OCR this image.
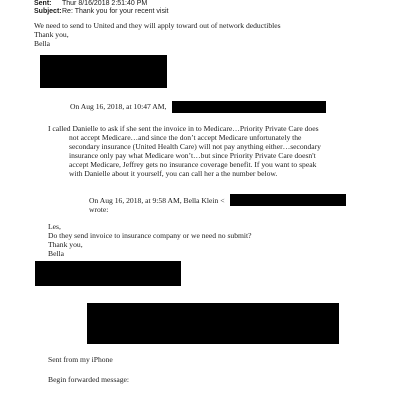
Sent: Thur 8/16/2018 2:51:40 PM
Subject:Re: Thank you for your recent visit
We need to send to United and they will apply toward out of network deductibles
Thank you,
Bella
On Aug 16, 2018, at 10:47 AM,
I called Danielle to ask if she sent the invoice in to Medicare…Priority Private Care does
not accept Medicare…and since the don’t accept Medicare unfortunately the
secondary insurance (United Health Care) will not pay anything either…secondary
insurance only pay what Medicare won’t…but since Priority Private Care doesn't
accept Medicare, Jeffrey gets no insurance coverage benefit. If you want to speak
with Danielle about it yourself, you can call her a the number below.
On Aug 16, 2018, at 9:58 AM, Bella Klein <
wrote:
Les,
Do they send invoice to insurance company or we need no submit?
Thank you,
Bella
Sent from my iPhone
Begin forwarded message:
